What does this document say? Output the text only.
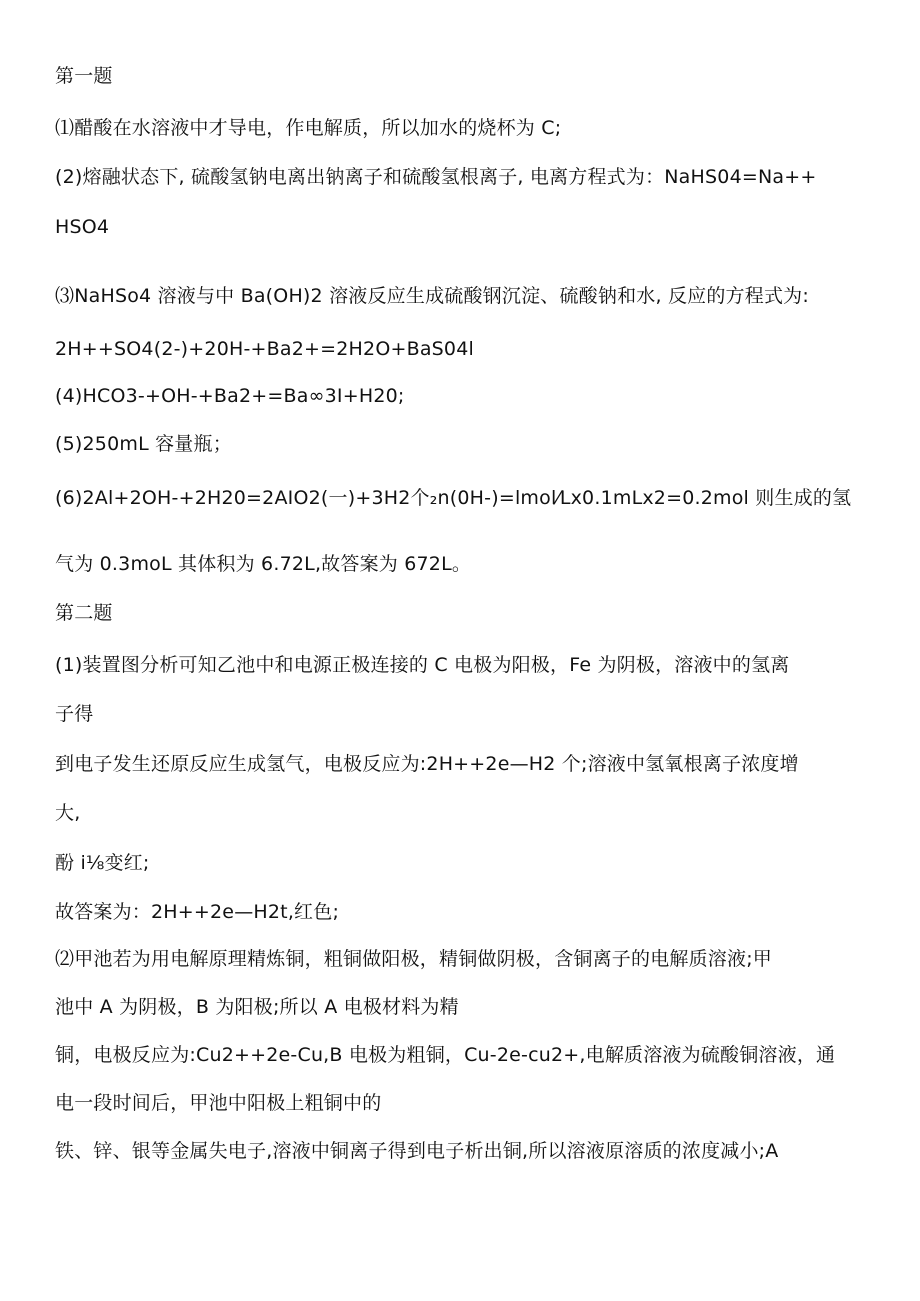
第一题
⑴醋酸在水溶液中才导电，作电解质，所以加水的烧杯为 C;
(2)熔融状态下, 硫酸氢钠电离出钠离子和硫酸氢根离子, 电离方程式为：NaHS04=Na++
HSO4
⑶NaHSo4 溶液与中 Ba(OH)2 溶液反应生成硫酸钢沉淀、硫酸钠和水, 反应的方程式为:
2H++SO4(2-)+20H-+Ba2+=2H2O+BaS04l
(4)HCO3-+OH-+Ba2+=Ba∞3I+H20;
(5)250mL 容量瓶；
(6)2Al+2OH-+2H20=2AIO2(一)+3H2个₂n(0H-)=lmol⁄Lx0.1mLx2=0.2mol 则生成的氢
气为 0.3moL 其体积为 6.72L,故答案为 672L。
第二题
(1)装置图分析可知乙池中和电源正极连接的 C 电极为阳极，Fe 为阴极，溶液中的氢离
子得
到电子发生还原反应生成氢气，电极反应为:2H++2e—H2 个;溶液中氢氧根离子浓度增
大,
酚 i⅛变红;
故答案为：2H++2e—H2t,红色;
⑵甲池若为用电解原理精炼铜，粗铜做阳极，精铜做阴极，含铜离子的电解质溶液;甲
池中 A 为阴极，B 为阳极;所以 A 电极材料为精
铜，电极反应为:Cu2++2e-Cu,B 电极为粗铜，Cu-2e-cu2+,电解质溶液为硫酸铜溶液，通
电一段时间后，甲池中阳极上粗铜中的
铁、锌、银等金属失电子,溶液中铜离子得到电子析出铜,所以溶液原溶质的浓度减小;A
